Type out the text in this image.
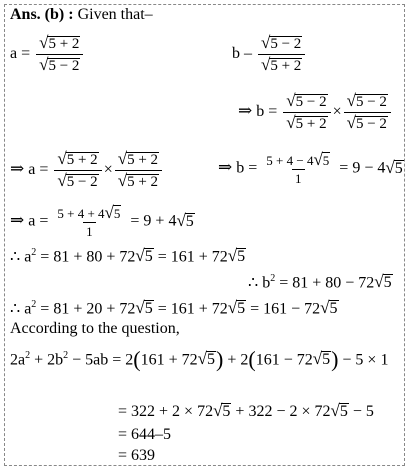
Ans. (b) : Given that–
$a = \frac{√5 + 2}{√5 - 2}$	b – $\frac{√5 - 2}{√5 + 2}$
⇒ $b = \frac{√5 - 2}{√5 + 2} \times \frac{√5 - 2}{√5 - 2}$
⇒ $a = \frac{√5 + 2}{√5 - 2} \times \frac{√5 + 2}{√5 + 2}$	⇒ $b = \frac{5 + 4 - 4√5}{1} = 9 - 4√5$
⇒ $a = \frac{5 + 4 + 4√5}{1} = 9 + 4√5$
∴ $a^2 = 81 + 80 + 72√5 = 161 + 72√5$
∴ $b^2 = 81 + 80 - 72√5$
∴ $a^2 = 81 + 20 + 72√5 = 161 + 72√5 = 161 - 72√5$
According to the question,
$2a^2 + 2b^2 - 5ab = 2(161 + 72√5) + 2(161 - 72√5) - 5 \times 1$
= 322 + 2 × 72√5 + 322 − 2 × 72√5 − 5
= 644–5
= 639
